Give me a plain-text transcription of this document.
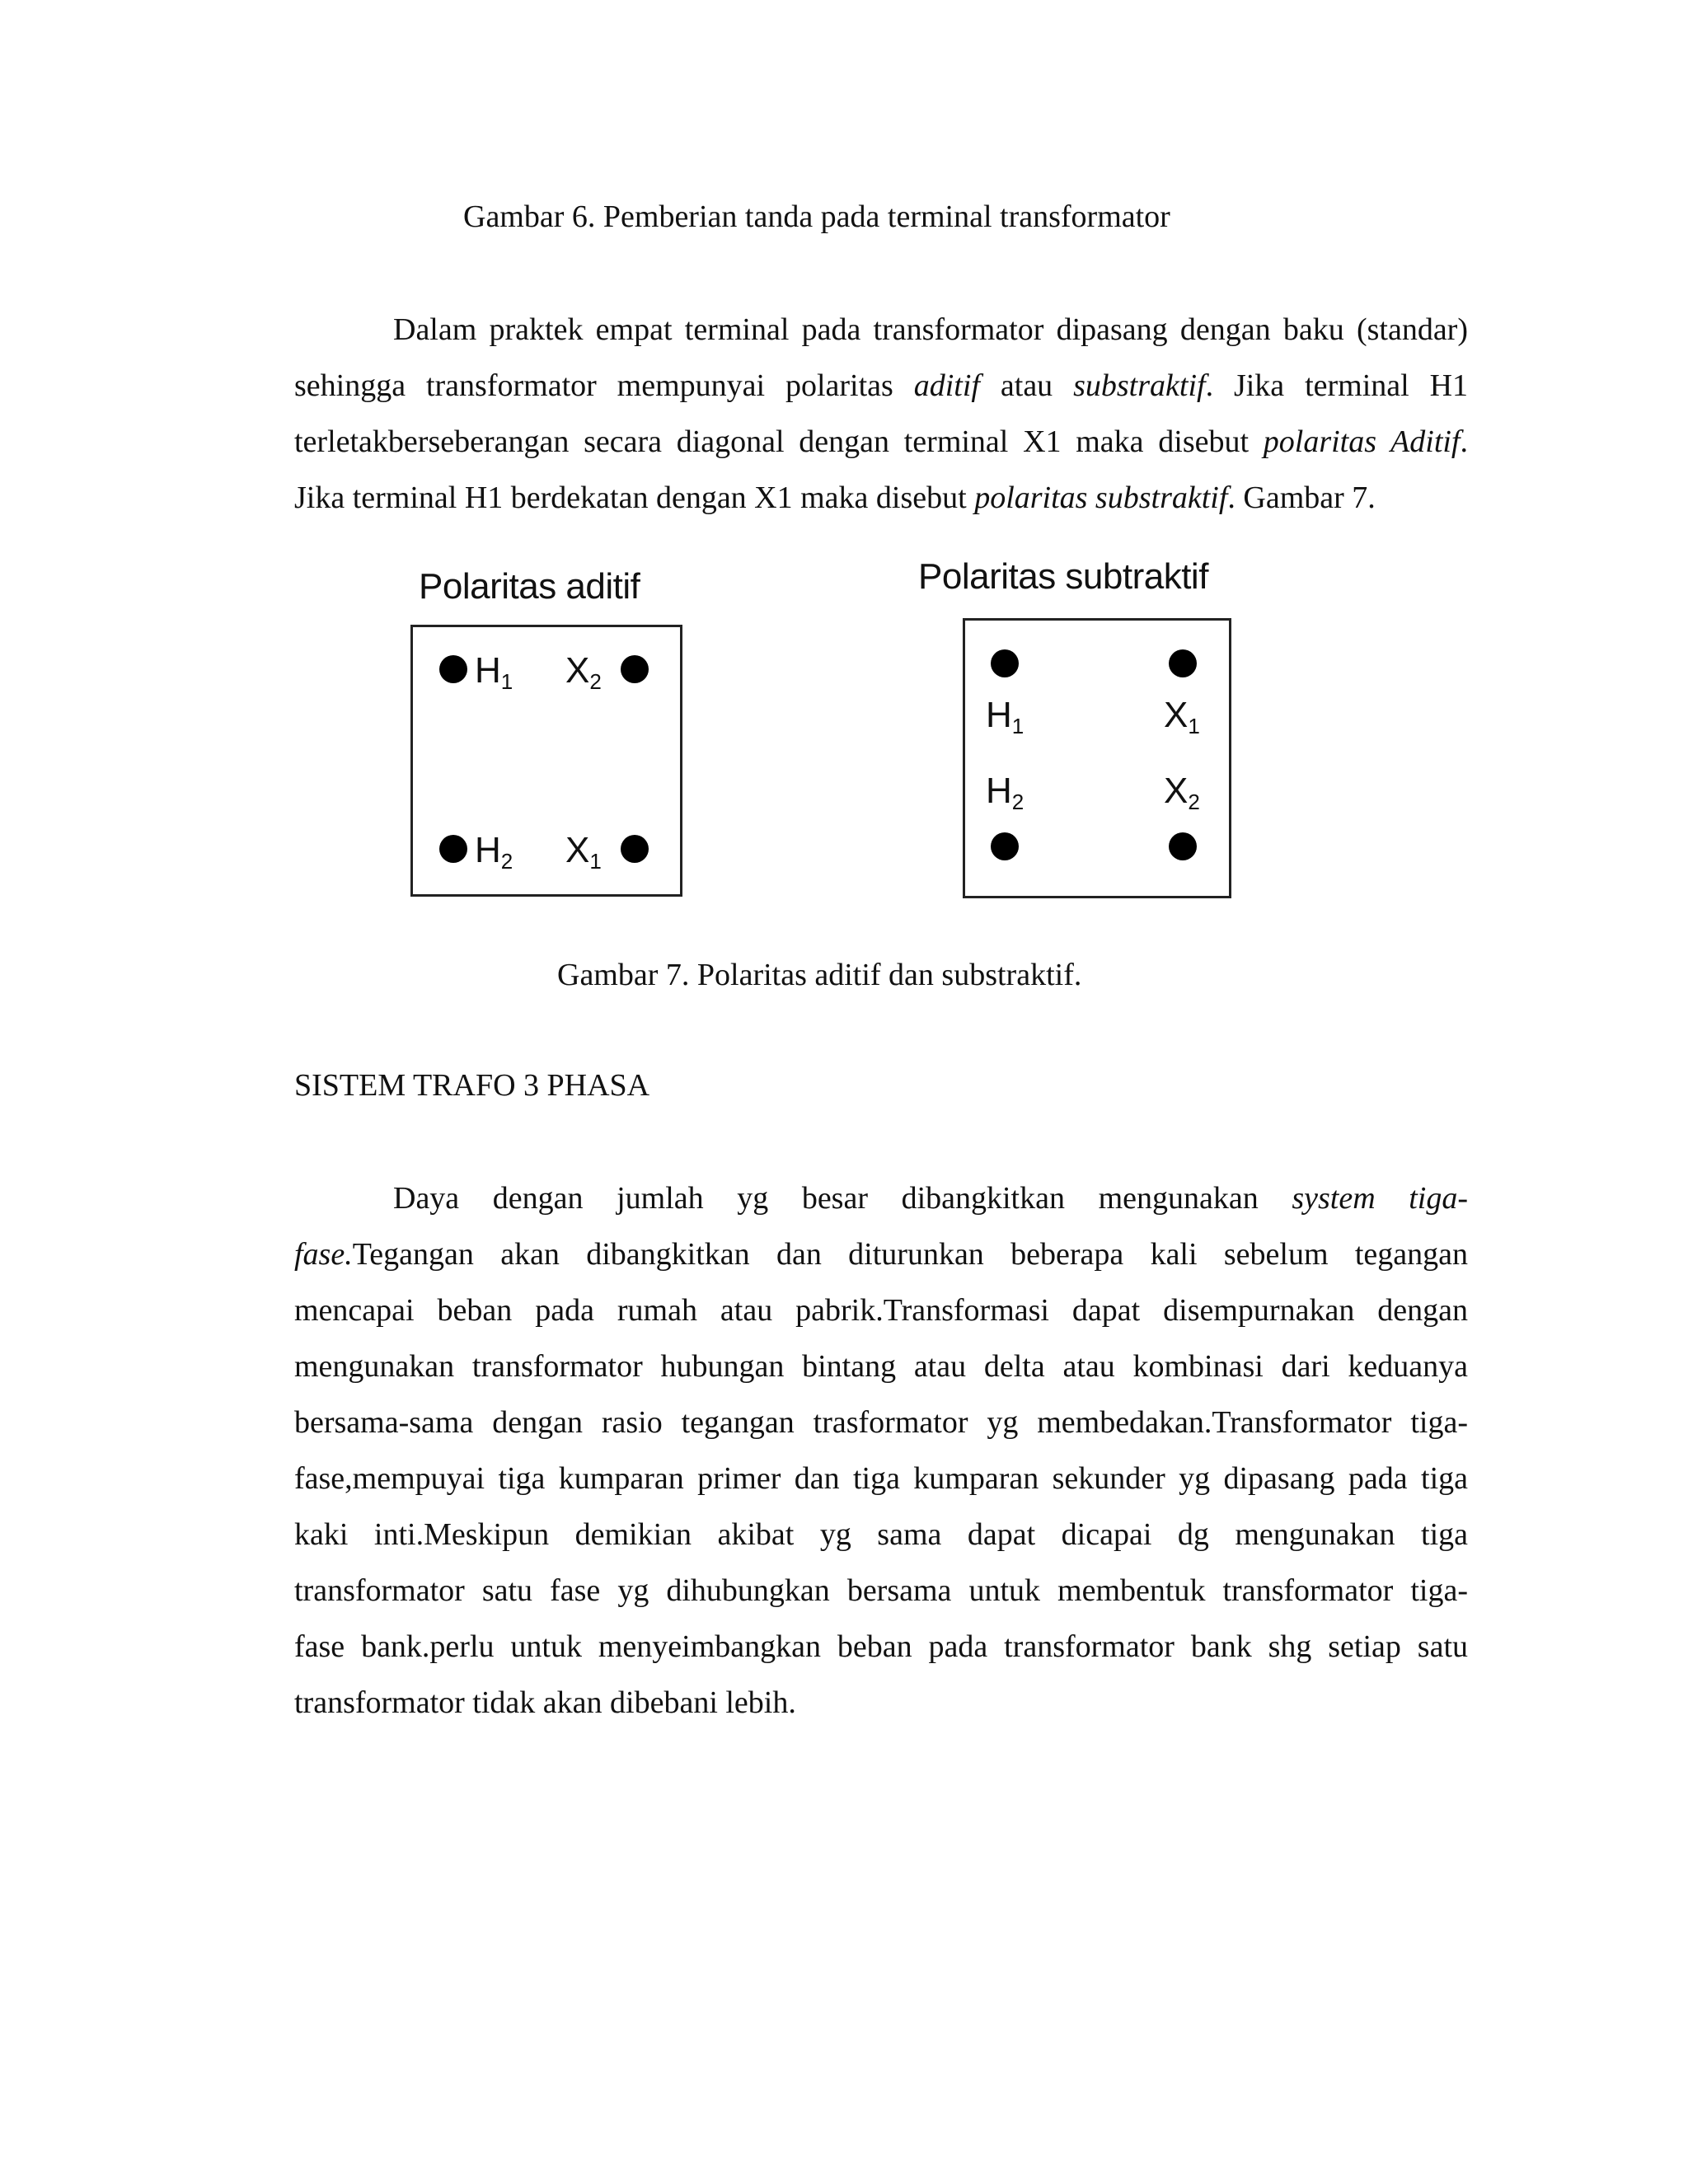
Gambar 6. Pemberian tanda pada terminal transformator
Dalam praktek empat terminal pada transformator dipasang dengan baku (standar)
sehingga transformator mempunyai polaritas aditif atau substraktif. Jika terminal H1
terletakberseberangan secara diagonal dengan terminal X1 maka disebut polaritas Aditif.
Jika terminal H1 berdekatan dengan X1 maka disebut polaritas substraktif. Gambar 7.
Polaritas aditif
$H_1$ $X_2$
$H_2$ $X_1$
Polaritas subtraktif
$H_1$	$X_1$
$H_2$	$X_2$
Gambar 7. Polaritas aditif dan substraktif.
SISTEM TRAFO 3 PHASA
Daya dengan jumlah yg besar dibangkitkan mengunakan system tiga-
fase.Tegangan akan dibangkitkan dan diturunkan beberapa kali sebelum tegangan
mencapai beban pada rumah atau pabrik.Transformasi dapat disempurnakan dengan
mengunakan transformator hubungan bintang atau delta atau kombinasi dari keduanya
bersama-sama dengan rasio tegangan trasformator yg membedakan.Transformator tiga-
fase,mempuyai tiga kumparan primer dan tiga kumparan sekunder yg dipasang pada tiga
kaki inti.Meskipun demikian akibat yg sama dapat dicapai dg mengunakan tiga
transformator satu fase yg dihubungkan bersama untuk membentuk transformator tiga-
fase bank.perlu untuk menyeimbangkan beban pada transformator bank shg setiap satu
transformator tidak akan dibebani lebih.
